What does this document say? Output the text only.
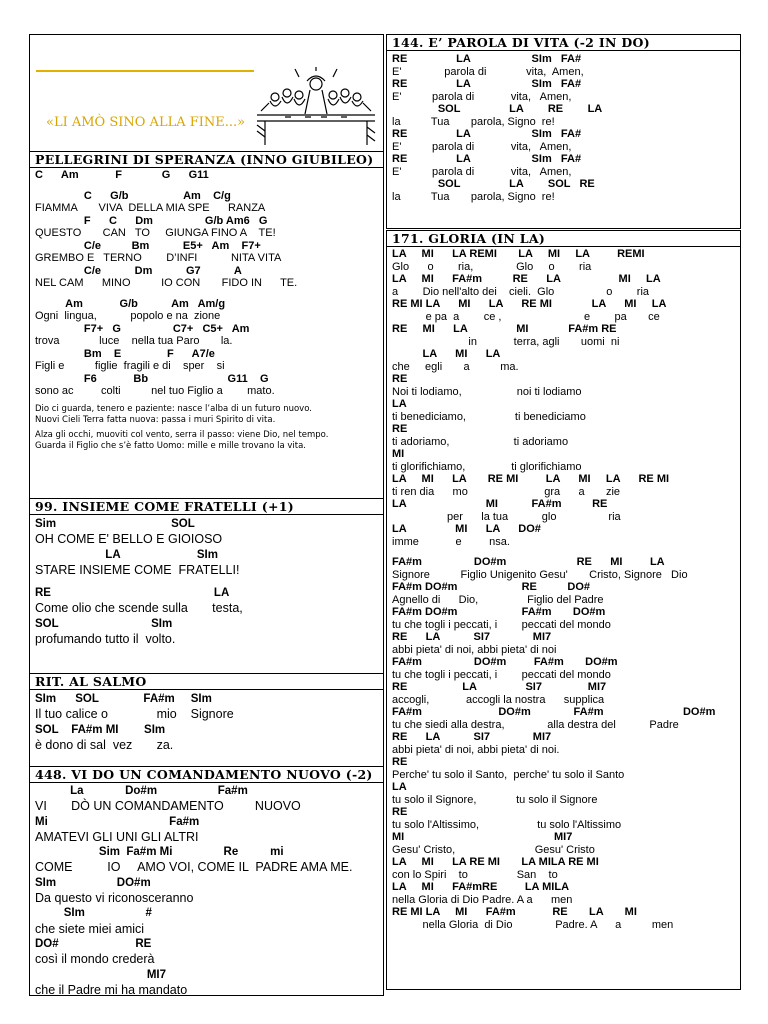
«LI AMÒ SINO ALLA FINE...»
PELLEGRINI DI SPERANZA (INNO GIUBILEO)
C      Am            F             G      G11
C      G/b                  Am    C/g
FIAMMA       VIVA  DELLA MIA SPE      RANZA
F      C      Dm                 G/b Am6   G
QUESTO       CAN   TO     GIUNGA FINO A    TE!
C/e          Bm           E5+   Am    F7+
GREMBO E   TERNO        D’INFI           NITA VITA
C/e           Dm           G7           A
NEL CAM      MINO          IO CON       FIDO IN      TE.
Am            G/b           Am   Am/g
Ogni  lingua,           popolo e na  zione
F7+   G                 C7+   C5+   Am
trova             luce    nella tua Paro       la.
Bm    E               F      A7/e
Figli e          figlie  fragili e di    sper    si
F6            Bb                          G11    G
sono ac         colti          nel tuo Figlio a        mato.
Dio ci guarda, tenero e paziente: nasce l’alba di un futuro nuovo.
Nuovi Cieli Terra fatta nuova: passa i muri Spirito di vita.
Alza gli occhi, muoviti col vento, serra il passo: viene Dio, nel tempo.
Guarda il Figlio che s’è fatto Uomo: mille e mille trovano la vita.
99. INSIEME COME FRATELLI (+1)
Sim                                    SOL
OH COME E' BELLO E GIOIOSO
LA                        SIm
STARE INSIEME COME  FRATELLI!
RE                                                   LA
Come olio che scende sulla       testa,
SOL                             SIm
profumando tutto il  volto.
RIT. AL SALMO
SIm      SOL              FA#m     SIm
Il tuo calice o              mio    Signore
SOL    FA#m MI        SIm
è dono di sal  vez       za.
448. VI DO UN COMANDAMENTO NUOVO (-2)
La             Do#m                   Fa#m
VI       DÒ UN COMANDAMENTO         NUOVO
Mi                                      Fa#m
AMATEVI GLI UNI GLI ALTRI
Sim  Fa#m Mi                Re          mi
COME          IO     AMO VOI, COME IL  PADRE AMA ME.
SIm                   DO#m
Da questo vi riconosceranno
SIm                   #
che siete miei amici
DO#                        RE
così il mondo crederà
MI7
che il Padre mi ha mandato
144. E’ PAROLA DI VITA (-2 IN DO)
RE                LA                    SIm   FA#
E'              parola di             vita,  Amen,
RE                LA                    SIm   FA#
E'          parola di            vita,   Amen,
SOL                LA        RE        LA
la          Tua       parola, Signo  re!
RE                LA                    SIm   FA#
E'          parola di            vita,   Amen,
RE                LA                    SIm   FA#
E'          parola di            vita,   Amen,
SOL                LA        SOL   RE
la          Tua       parola, Signo  re!
171. GLORIA (IN LA)
LA     MI      LA REMI       LA     MI     LA         REMI
Glo      o        ria,              Glo     o        ria
LA     MI      FA#m          RE      LA                   MI     LA
a        Dio nell'alto dei    cieli.  Glo                 o        ria
RE MI LA      MI      LA      RE MI             LA      MI     LA
e pa  a        ce ,                           e        pa       ce
RE     MI      LA                MI             FA#m RE
in            terra, agli       uomi  ni
LA      MI      LA
che     egli       a          ma.
RE
Noi ti lodiamo,                  noi ti lodiamo
LA
ti benediciamo,                ti benediciamo
RE
ti adoriamo,                     ti adoriamo
MI
ti glorifichiamo,               ti glorifichiamo
LA     MI      LA       RE MI         LA      MI     LA      RE MI
ti ren dia      mo                         gra      a       zie
LA                          MI           FA#m          RE
per      la tua           glo                 ria
LA                MI      LA      DO#
imme            e         nsa.
FA#m                 DO#m                       RE      MI         LA
Signore          Figlio Unigenito Gesu'       Cristo, Signore   Dio
FA#m DO#m                     RE          DO#
Agnello di      Dio,                Figlio del Padre
FA#m DO#m                     FA#m       DO#m
tu che togli i peccati, i        peccati del mondo
RE      LA           SI7              MI7
abbi pieta' di noi, abbi pieta' di noi
FA#m                 DO#m         FA#m       DO#m
tu che togli i peccati, i        peccati del mondo
RE                  LA                SI7               MI7
accogli,            accogli la nostra      supplica
FA#m                         DO#m              FA#m                          DO#m
tu che siedi alla destra,              alla destra del           Padre
RE      LA           SI7              MI7
abbi pieta' di noi, abbi pieta' di noi.
RE
Perche' tu solo il Santo,  perche' tu solo il Santo
LA
tu solo il Signore,             tu solo il Signore
RE
tu solo l'Altissimo,                   tu solo l'Altissimo
MI                                                 MI7
Gesu' Cristo,                          Gesu' Cristo
LA     MI      LA RE MI       LA MILA RE MI
con lo Spiri    to                San    to
LA     MI      FA#mRE         LA MILA
nella Gloria di Dio Padre. A a      men
RE MI LA     MI      FA#m            RE       LA       MI
nella Gloria  di Dio              Padre. A      a          men
